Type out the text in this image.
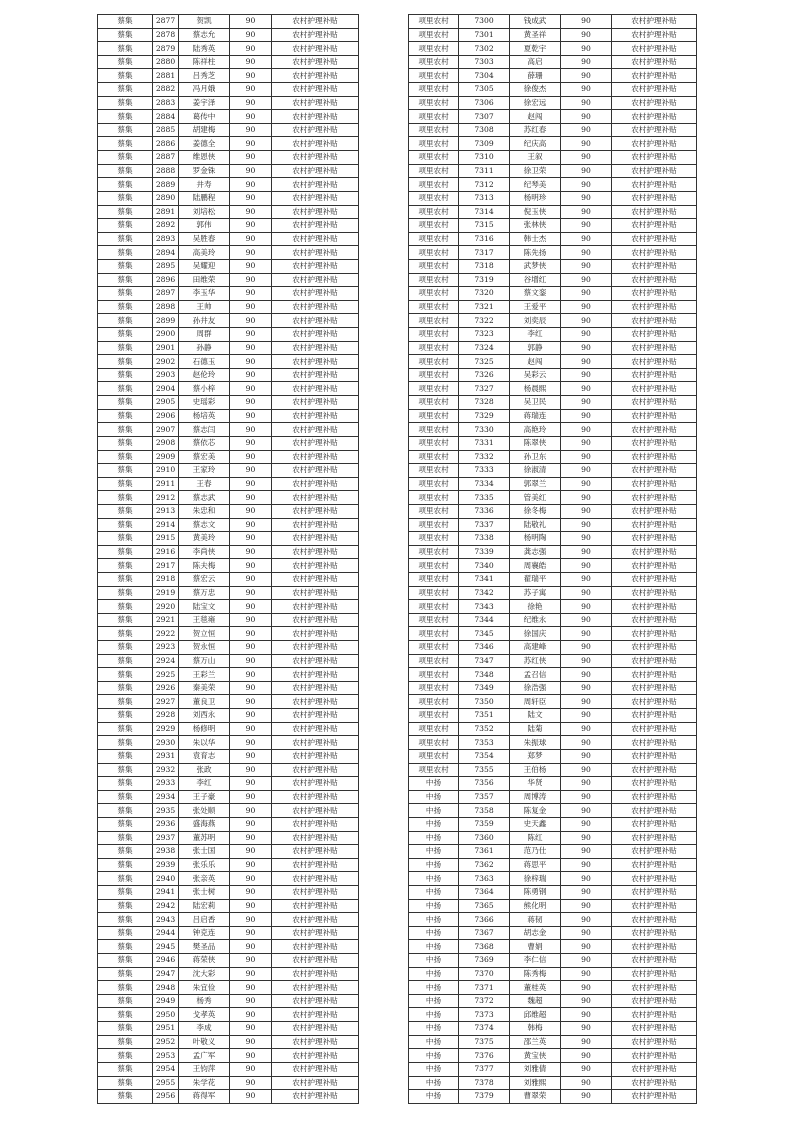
蔡集	2877	贺凯	90	农村护理补贴
蔡集	2878	蔡志允	90	农村护理补贴
蔡集	2879	陆秀英	90	农村护理补贴
蔡集	2880	陈祥柱	90	农村护理补贴
蔡集	2881	吕秀芝	90	农村护理补贴
蔡集	2882	冯月娥	90	农村护理补贴
蔡集	2883	姜宇泽	90	农村护理补贴
蔡集	2884	葛传中	90	农村护理补贴
蔡集	2885	胡建梅	90	农村护理补贴
蔡集	2886	姜德全	90	农村护理补贴
蔡集	2887	维恩侠	90	农村护理补贴
蔡集	2888	罗金铢	90	农村护理补贴
蔡集	2889	井寿	90	农村护理补贴
蔡集	2890	陆鹏程	90	农村护理补贴
蔡集	2891	刘培松	90	农村护理补贴
蔡集	2892	郭伟	90	农村护理补贴
蔡集	2893	吴胜春	90	农村护理补贴
蔡集	2894	高美玲	90	农村护理补贴
蔡集	2895	吴耀迎	90	农村护理补贴
蔡集	2896	田维荣	90	农村护理补贴
蔡集	2897	李玉华	90	农村护理补贴
蔡集	2898	王帅	90	农村护理补贴
蔡集	2899	孙井友	90	农村护理补贴
蔡集	2900	周群	90	农村护理补贴
蔡集	2901	孙静	90	农村护理补贴
蔡集	2902	石德玉	90	农村护理补贴
蔡集	2903	赵伦玲	90	农村护理补贴
蔡集	2904	蔡小梓	90	农村护理补贴
蔡集	2905	史瑶彩	90	农村护理补贴
蔡集	2906	杨培英	90	农村护理补贴
蔡集	2907	蔡志闫	90	农村护理补贴
蔡集	2908	蔡依芯	90	农村护理补贴
蔡集	2909	蔡宏美	90	农村护理补贴
蔡集	2910	王家玲	90	农村护理补贴
蔡集	2911	王春	90	农村护理补贴
蔡集	2912	蔡志武	90	农村护理补贴
蔡集	2913	朱忠和	90	农村护理补贴
蔡集	2914	蔡志文	90	农村护理补贴
蔡集	2915	黄美玲	90	农村护理补贴
蔡集	2916	李尚侠	90	农村护理补贴
蔡集	2917	陈夫梅	90	农村护理补贴
蔡集	2918	蔡宏云	90	农村护理补贴
蔡集	2919	蔡万忠	90	农村护理补贴
蔡集	2920	陆宝文	90	农村护理补贴
蔡集	2921	王毯雍	90	农村护理补贴
蔡集	2922	贺立恒	90	农村护理补贴
蔡集	2923	贺永恒	90	农村护理补贴
蔡集	2924	蔡万山	90	农村护理补贴
蔡集	2925	王彩兰	90	农村护理补贴
蔡集	2926	秦美荣	90	农村护理补贴
蔡集	2927	董良卫	90	农村护理补贴
蔡集	2928	刘西永	90	农村护理补贴
蔡集	2929	杨修明	90	农村护理补贴
蔡集	2930	朱以华	90	农村护理补贴
蔡集	2931	袁育志	90	农村护理补贴
蔡集	2932	张政	90	农村护理补贴
蔡集	2933	李红	90	农村护理补贴
蔡集	2934	王子豪	90	农村护理补贴
蔡集	2935	张处顺	90	农村护理补贴
蔡集	2936	盛海燕	90	农村护理补贴
蔡集	2937	董苏明	90	农村护理补贴
蔡集	2938	张士国	90	农村护理补贴
蔡集	2939	张乐乐	90	农村护理补贴
蔡集	2940	张亲英	90	农村护理补贴
蔡集	2941	张士树	90	农村护理补贴
蔡集	2942	陆宏莉	90	农村护理补贴
蔡集	2943	吕启香	90	农村护理补贴
蔡集	2944	钟克连	90	农村护理补贴
蔡集	2945	樊圣品	90	农村护理补贴
蔡集	2946	蒋荣侠	90	农村护理补贴
蔡集	2947	沈大彩	90	农村护理补贴
蔡集	2948	朱宜俭	90	农村护理补贴
蔡集	2949	杨秀	90	农村护理补贴
蔡集	2950	戈孝英	90	农村护理补贴
蔡集	2951	李成	90	农村护理补贴
蔡集	2952	叶敬义	90	农村护理补贴
蔡集	2953	孟广军	90	农村护理补贴
蔡集	2954	王钧萍	90	农村护理补贴
蔡集	2955	朱学花	90	农村护理补贴
蔡集	2956	蒋得军	90	农村护理补贴
项里农村	7300	钱成武	90	农村护理补贴
项里农村	7301	黄圣祥	90	农村护理补贴
项里农村	7302	夏乾宇	90	农村护理补贴
项里农村	7303	高启	90	农村护理补贴
项里农村	7304	薛珊	90	农村护理补贴
项里农村	7305	徐俊杰	90	农村护理补贴
项里农村	7306	徐宏远	90	农村护理补贴
项里农村	7307	赵闯	90	农村护理补贴
项里农村	7308	苏红春	90	农村护理补贴
项里农村	7309	纪庆高	90	农村护理补贴
项里农村	7310	王叙	90	农村护理补贴
项里农村	7311	徐卫荣	90	农村护理补贴
项里农村	7312	纪琴美	90	农村护理补贴
项里农村	7313	杨明珍	90	农村护理补贴
项里农村	7314	倪玉侠	90	农村护理补贴
项里农村	7315	张林侠	90	农村护理补贴
项里农村	7316	韩士杰	90	农村护理补贴
项里农村	7317	陈先扬	90	农村护理补贴
项里农村	7318	武梦侠	90	农村护理补贴
项里农村	7319	谷增红	90	农村护理补贴
项里农村	7320	蔡文銮	90	农村护理补贴
项里农村	7321	王爱平	90	农村护理补贴
项里农村	7322	刘奕辰	90	农村护理补贴
项里农村	7323	李红	90	农村护理补贴
项里农村	7324	郭静	90	农村护理补贴
项里农村	7325	赵闯	90	农村护理补贴
项里农村	7326	吴彩云	90	农村护理补贴
项里农村	7327	杨晨熙	90	农村护理补贴
项里农村	7328	吴卫民	90	农村护理补贴
项里农村	7329	蒋瑞连	90	农村护理补贴
项里农村	7330	高艳玲	90	农村护理补贴
项里农村	7331	陈翠侠	90	农村护理补贴
项里农村	7332	孙卫东	90	农村护理补贴
项里农村	7333	徐淑清	90	农村护理补贴
项里农村	7334	郭翠兰	90	农村护理补贴
项里农村	7335	管美红	90	农村护理补贴
项里农村	7336	徐冬梅	90	农村护理补贴
项里农村	7337	陆敬礼	90	农村护理补贴
项里农村	7338	杨明陶	90	农村护理补贴
项里农村	7339	龚志强	90	农村护理补贴
项里农村	7340	周襄皓	90	农村护理补贴
项里农村	7341	翟瑞平	90	农村护理补贴
项里农村	7342	苏子寓	90	农村护理补贴
项里农村	7343	徐艳	90	农村护理补贴
项里农村	7344	纪维永	90	农村护理补贴
项里农村	7345	徐国庆	90	农村护理补贴
项里农村	7346	高建峰	90	农村护理补贴
项里农村	7347	苏红侠	90	农村护理补贴
项里农村	7348	孟召信	90	农村护理补贴
项里农村	7349	徐浩强	90	农村护理补贴
项里农村	7350	周轩臣	90	农村护理补贴
项里农村	7351	陆文	90	农村护理补贴
项里农村	7352	陆菊	90	农村护理补贴
项里农村	7353	朱振球	90	农村护理补贴
项里农村	7354	郑梦	90	农村护理补贴
项里农村	7355	王伯杨	90	农村护理补贴
中扬	7356	华贤	90	农村护理补贴
中扬	7357	周博涛	90	农村护理补贴
中扬	7358	陈复金	90	农村护理补贴
中扬	7359	史天鑫	90	农村护理补贴
中扬	7360	陈红	90	农村护理补贴
中扬	7361	范乃仕	90	农村护理补贴
中扬	7362	蒋思平	90	农村护理补贴
中扬	7363	徐梓瑞	90	农村护理补贴
中扬	7364	陈勇钢	90	农村护理补贴
中扬	7365	熊化明	90	农村护理补贴
中扬	7366	蒋韧	90	农村护理补贴
中扬	7367	胡志金	90	农村护理补贴
中扬	7368	曹娟	90	农村护理补贴
中扬	7369	李仁信	90	农村护理补贴
中扬	7370	陈秀梅	90	农村护理补贴
中扬	7371	董桂英	90	农村护理补贴
中扬	7372	魏超	90	农村护理补贴
中扬	7373	邱维超	90	农村护理补贴
中扬	7374	韩梅	90	农村护理补贴
中扬	7375	邵兰英	90	农村护理补贴
中扬	7376	黄宝侠	90	农村护理补贴
中扬	7377	刘雅倩	90	农村护理补贴
中扬	7378	刘雅熙	90	农村护理补贴
中扬	7379	曹翠荣	90	农村护理补贴
